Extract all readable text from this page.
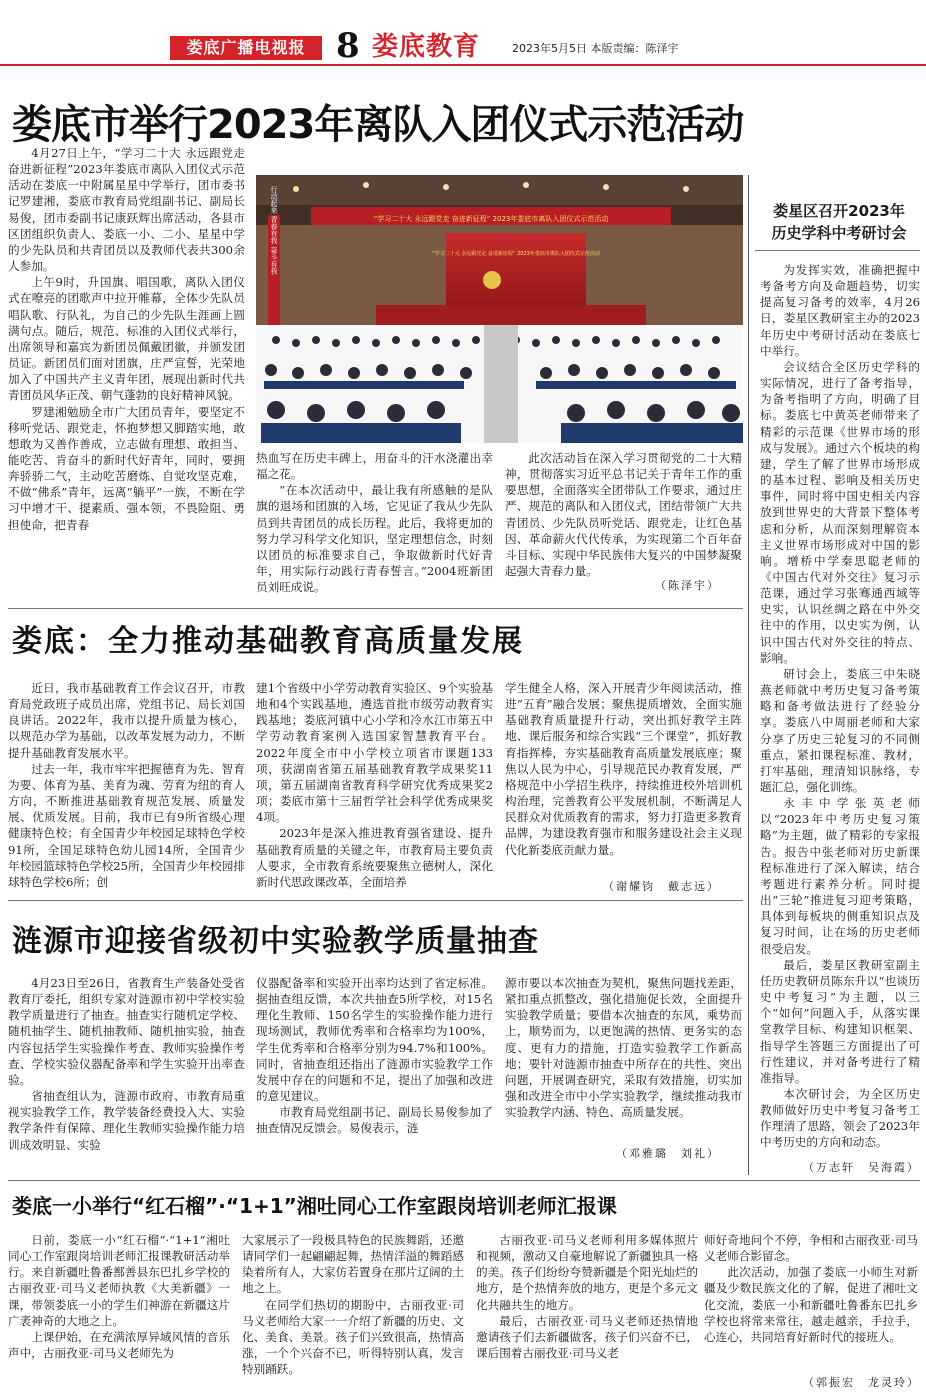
娄底广播电视报 8 娄底教育	2023年5月5日 本版责编：陈泽宇
娄底市举行2023年离队入团仪式示范活动

4月27日上午，“学习二十大 永远跟党走 奋进新征程”2023年娄底市离队入团仪式示范活动在娄底一中附属星星中学举行，团市委书记罗建湘，娄底市教育局党组副书记、副局长易俊，团市委副书记康跃辉出席活动，各县市区团组织负责人、娄底一小、二小、星星中学的少先队员和共青团员以及教师代表共300余人参加。

上午9时，升国旗、唱国歌，离队入团仪式在嘹亮的团歌声中拉开帷幕，全体少先队员唱队歌、行队礼，为自己的少先队生涯画上圆满句点。随后，规范、标准的入团仪式举行，出席领导和嘉宾为新团员佩戴团徽，并颁发团员证。新团员们面对团旗，庄严宣誓，光荣地加入了中国共产主义青年团，展现出新时代共青团员风华正茂、朝气蓬勃的良好精神风貌。

罗建湘勉励全市广大团员青年，要坚定不移听党话、跟党走，怀抱梦想又脚踏实地，敢想敢为又善作善成，立志做有理想、敢担当、能吃苦、肯奋斗的新时代好青年，同时，要拥奔骄骄二气，主动吃苦磨炼、自觉攻坚克难，不做“佛系”青年，远离“躺平”一族，不断在学习中增才干、提素质、强本领，不畏险阻、勇担使命，把青春

“学习二十大 永远跟党走 奋进新征程” 2023年娄底市离队入团仪式示范活动
行动起来 青春有我 奋斗有我	“学习二十大 永远跟党走 奋进新征程” 2023年娄底市离队入团仪式示范活动

热血写在历史丰碑上，用奋斗的汗水浇灌出幸福之花。

“在本次活动中，最让我有所感触的是队旗的退场和团旗的入场，它见证了我从少先队员到共青团员的成长历程。此后，我将更加的努力学习科学文化知识，坚定理想信念，时刻以团员的标准要求自己，争取做新时代好青年，用实际行动践行青春誓言。”2004班新团员刘旺成说。

此次活动旨在深入学习贯彻党的二十大精神，贯彻落实习近平总书记关于青年工作的重要思想，全面落实全团带队工作要求，通过庄严、规范的离队和入团仪式，团结带领广大共青团员、少先队员听党话、跟党走，让红色基因、革命薪火代代传承，为实现第二个百年奋斗目标、实现中华民族伟大复兴的中国梦凝聚起强大青春力量。

（陈泽宇）
娄星区召开2023年
历史学科中考研讨会

为发挥实效，准确把握中考备考方向及命题趋势，切实提高复习备考的效率，4月26日，娄星区教研室主办的2023年历史中考研讨活动在娄底七中举行。

会议结合全区历史学科的实际情况，进行了备考指导，为备考指明了方向，明确了目标。娄底七中黄英老师带来了精彩的示范课《世界市场的形成与发展》。通过六个板块的构建，学生了解了世界市场形成的基本过程、影响及相关历史事件，同时将中国史相关内容放到世界史的大背景下整体考虑和分析，从而深刻理解资本主义世界市场形成对中国的影响。增桥中学秦思聪老师的《中国古代对外交往》复习示范课，通过学习张骞通西域等史实，认识丝绸之路在中外交往中的作用，以史实为例，认识中国古代对外交往的特点、影响。

研讨会上，娄底三中朱晓燕老师就中考历史复习备考策略和备考做法进行了经验分享。娄底八中周丽老师和大家分享了历史三轮复习的不同侧重点，紧扣课程标准、教材，打牢基础，理清知识脉络，专题汇总，强化训练。

永丰中学张英老师以“2023年中考历史复习策略”为主题，做了精彩的专家报告。报告中张老师对历史新课程标准进行了深入解读，结合考题进行素养分析。同时提出“三轮”推进复习迎考策略，具体到每板块的侧重知识点及复习时间，让在场的历史老师很受启发。

最后，娄星区教研室副主任历史教研员陈东升以“也谈历史中考复习”为主题，以三个“如何”问题入手，从落实课堂教学目标、构建知识框架、指导学生答题三方面提出了可行性建议，并对备考进行了精准指导。

本次研讨会，为全区历史教师做好历史中考复习备考工作理清了思路，领会了2023年中考历史的方向和动态。

（万志轩　吴海霞）
娄底：全力推动基础教育高质量发展

近日，我市基础教育工作会议召开，市教育局党政班子成员出席，党组书记、局长刘国良讲话。2022年，我市以提升质量为核心，以规范办学为基础，以改革发展为动力，不断提升基础教育发展水平。

过去一年，我市牢牢把握德育为先、智育为要、体育为基、美育为魂、劳育为纽的育人方向，不断推进基础教育规范发展、质量发展、优质发展。目前，我市已有9所省级心理健康特色校；有全国青少年校园足球特色学校91所，全国足球特色幼儿园14所，全国青少年校园篮球特色学校25所，全国青少年校园排球特色学校6所；创

建1个省级中小学劳动教育实验区、9个实验基地和4个实践基地，遴选首批市级劳动教育实践基地；娄底河镇中心小学和冷水江市第五中学劳动教育案例入选国家智慧教育平台。2022年度全市中小学校立项省市课题133项，获湖南省第五届基础教育教学成果奖11项，第五届湖南省教育科学研究优秀成果奖2项；娄底市第十三届哲学社会科学优秀成果奖4项。

2023年是深入推进教育强省建设、提升基础教育质量的关键之年，市教育局主要负责人要求，全市教育系统要聚焦立德树人，深化新时代思政课改革，全面培养

学生健全人格，深入开展青少年阅读活动，推进“五育”融合发展；聚焦提质增效，全面实施基础教育质量提升行动，突出抓好教学主阵地、课后服务和综合实践“三个课堂”，抓好教育指挥棒，夯实基础教育高质量发展底座；聚焦以人民为中心，引导规范民办教育发展，严格规范中小学招生秩序，持续推进校外培训机构治理，完善教育公平发展机制，不断满足人民群众对优质教育的需求，努力打造更多教育品牌，为建设教育强市和服务建设社会主义现代化新娄底贡献力量。

（谢耀钧　戴志远）
涟源市迎接省级初中实验教学质量抽查

4月23日至26日，省教育生产装备处受省教育厅委托，组织专家对涟源市初中学校实验教学质量进行了抽查。抽查实行随机定学校、随机抽学生、随机抽教师、随机抽实验，抽查内容包括学生实验操作考查、教师实验操作考查、学校实验仪器配备率和学生实验开出率查验。

省抽查组认为，涟源市政府、市教育局重视实验教学工作，教学装备经费投入大、实验教学条件有保障、理化生教师实验操作能力培训成效明显、实验

仪器配备率和实验开出率均达到了省定标准。据抽查组反馈，本次共抽查5所学校，对15名理化生教师、150名学生的实验操作能力进行现场测试，教师优秀率和合格率均为100%，学生优秀率和合格率分别为94.7%和100%。同时，省抽查组还指出了涟源市实验教学工作发展中存在的问题和不足，提出了加强和改进的意见建议。

市教育局党组副书记、副局长易俊参加了抽查情况反馈会。易俊表示，涟

源市要以本次抽查为契机，聚焦问题找差距，紧扣重点抓整改，强化措施促长效，全面提升实验教学质量；要借本次抽查的东风，乘势而上，顺势而为，以更饱满的热情、更务实的态度、更有力的措施，打造实验教学工作新高地；要针对涟源市抽查中所存在的共性、突出问题，开展调查研究，采取有效措施，切实加强和改进全市中小学实验教学，继续推动我市实验教学内涵、特色、高质量发展。

（邓雅璐　刘礼）
娄底一小举行“红石榴”·“1+1”湘吐同心工作室跟岗培训老师汇报课

日前，娄底一小“红石榴”·“1+1”湘吐同心工作室跟岗培训老师汇报课教研活动举行。来自新疆吐鲁番鄯善县东巴扎乡学校的古丽孜亚·司马义老师执教《大美新疆》一课，带领娄底一小的学生们神游在新疆这片广袤神奇的大地之上。

上课伊始，在充满浓厚异域风情的音乐声中，古丽孜亚·司马义老师先为

大家展示了一段极具特色的民族舞蹈，还邀请同学们一起翩翩起舞，热情洋溢的舞蹈感染着所有人，大家仿若置身在那片辽阔的土地之上。

在同学们热切的期盼中，古丽孜亚·司马义老师给大家一一介绍了新疆的历史、文化、美食、美景。孩子们兴致很高，热情高涨，一个个兴奋不已，听得特别认真，发言特别踊跃。

古丽孜亚·司马义老师利用多媒体照片和视频，激动又自豪地解说了新疆独具一格的美。孩子们纷纷夸赞新疆是个阳光灿烂的地方，是个热情奔放的地方，更是个多元文化共融共生的地方。

最后，古丽孜亚·司马义老师还热情地邀请孩子们去新疆做客，孩子们兴奋不已，课后围着古丽孜亚·司马义老

师好奇地问个不停，争相和古丽孜亚·司马义老师合影留念。

此次活动，加强了娄底一小师生对新疆及少数民族文化的了解，促进了湘吐文化交流，娄底一小和新疆吐鲁番东巴扎乡学校也将常来常往，越走越亲，手拉手，心连心，共同培育好新时代的接班人。

（郭振宏　龙灵玲）
